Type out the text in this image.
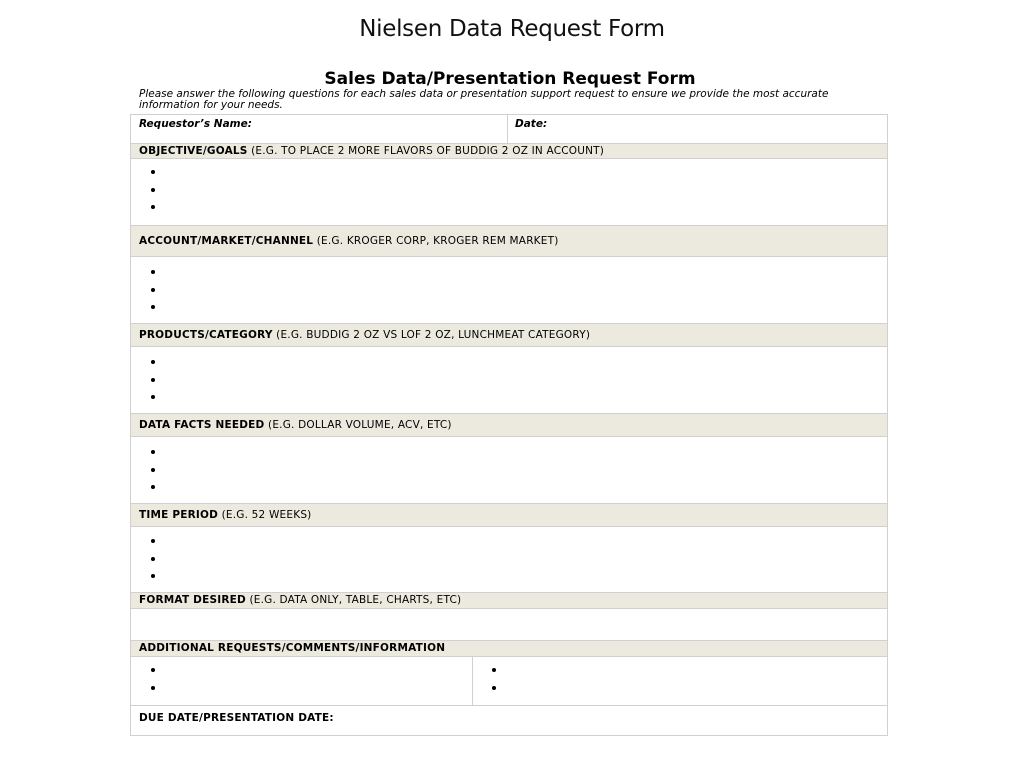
Nielsen Data Request Form
Sales Data/Presentation Request Form
Please answer the following questions for each sales data or presentation support request to ensure we provide the most accurate information for your needs.
Requestor’s Name:	Date:
OBJECTIVE/GOALS (E.G. TO PLACE 2 MORE FLAVORS OF BUDDIG 2 OZ IN ACCOUNT)
ACCOUNT/MARKET/CHANNEL (E.G. KROGER CORP, KROGER REM MARKET)
PRODUCTS/CATEGORY (E.G. BUDDIG 2 OZ VS LOF 2 OZ, LUNCHMEAT CATEGORY)
DATA FACTS NEEDED (E.G. DOLLAR VOLUME, ACV, ETC)
TIME PERIOD (E.G. 52 WEEKS)
FORMAT DESIRED (E.G. DATA ONLY, TABLE, CHARTS, ETC)
ADDITIONAL REQUESTS/COMMENTS/INFORMATION
DUE DATE/PRESENTATION DATE:
